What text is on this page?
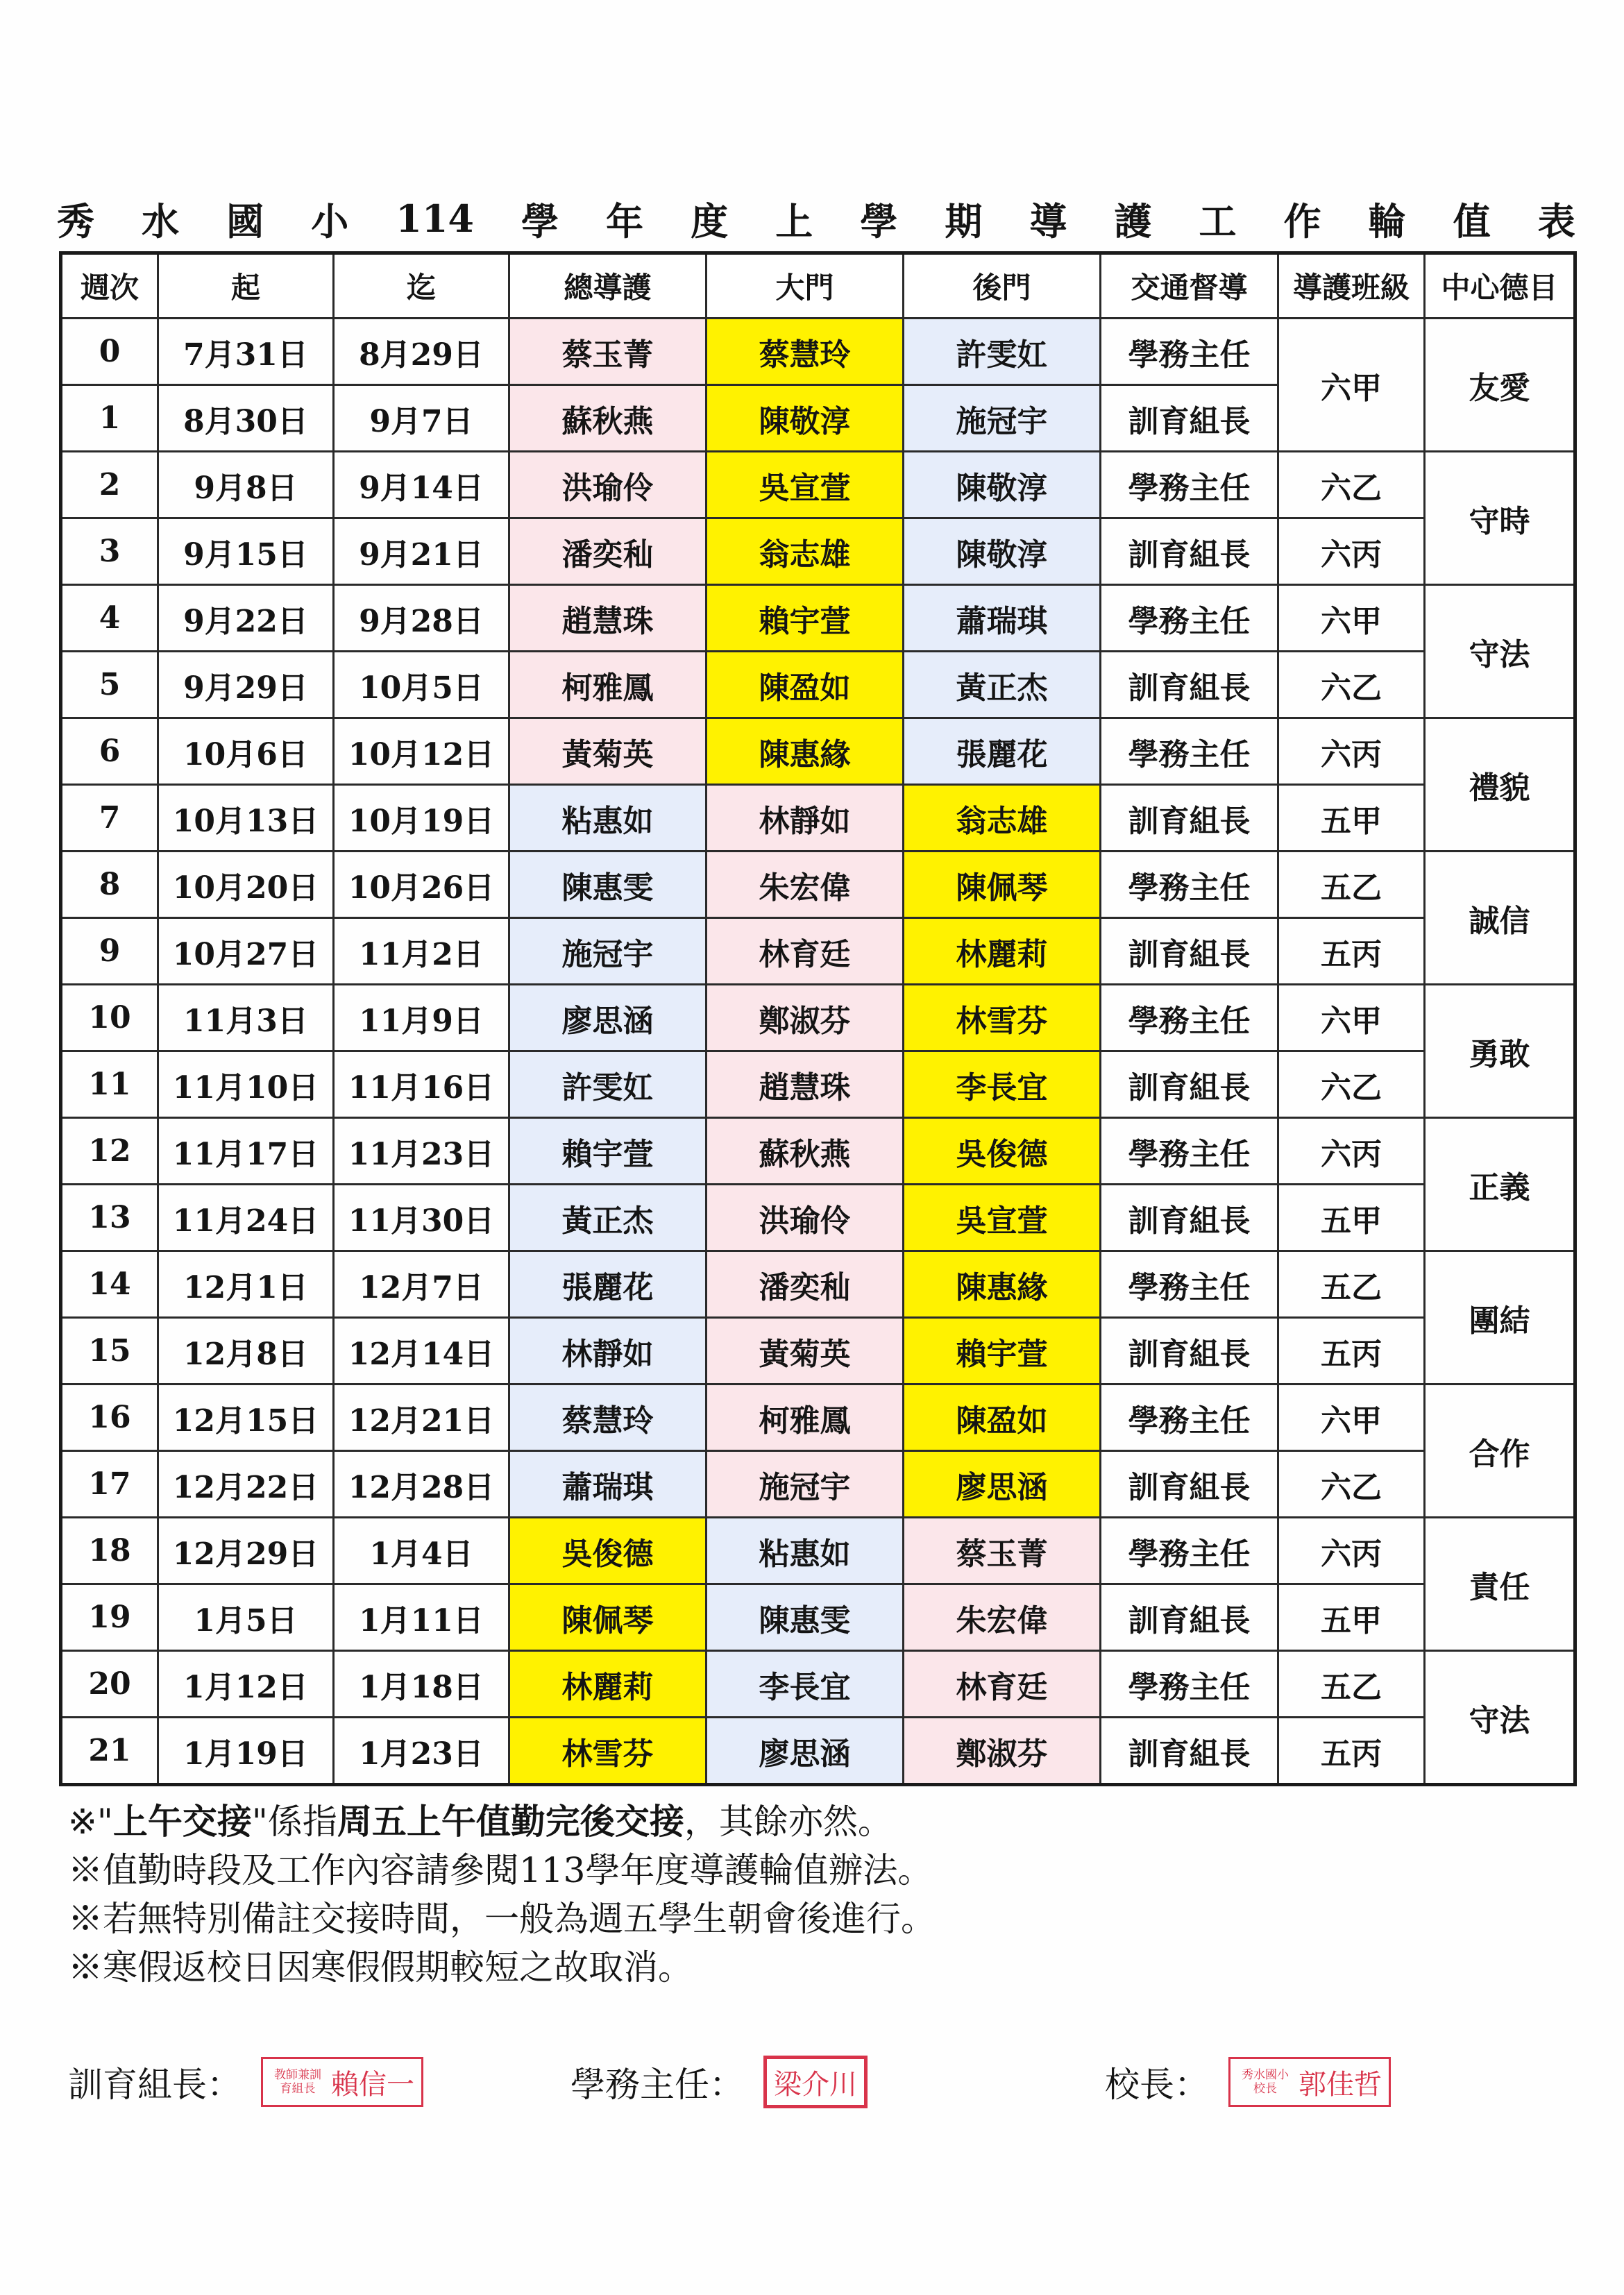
秀 水 國 小 114 學 年 度 上 學 期 導 護 工 作 輪 值 表
週次	起	迄	總導護	大門	後門	交通督導	導護班級	中心德目
0	7月31日	8月29日	蔡玉菁	蔡慧玲	許雯妅	學務主任	六甲	友愛
1	8月30日	9月7日	蘇秋燕	陳敬淳	施冠宇	訓育組長		
2	9月8日	9月14日	洪瑜伶	吳宣萱	陳敬淳	學務主任	六乙	守時
3	9月15日	9月21日	潘奕秈	翁志雄	陳敬淳	訓育組長	六丙	
4	9月22日	9月28日	趙慧珠	賴宇萱	蕭瑞琪	學務主任	六甲	守法
5	9月29日	10月5日	柯雅鳳	陳盈如	黃正杰	訓育組長	六乙	
6	10月6日	10月12日	黃菊英	陳惠緣	張麗花	學務主任	六丙	禮貌
7	10月13日	10月19日	粘惠如	林靜如	翁志雄	訓育組長	五甲	
8	10月20日	10月26日	陳惠雯	朱宏偉	陳佩琴	學務主任	五乙	誠信
9	10月27日	11月2日	施冠宇	林育廷	林麗莉	訓育組長	五丙	
10	11月3日	11月9日	廖思涵	鄭淑芬	林雪芬	學務主任	六甲	勇敢
11	11月10日	11月16日	許雯妅	趙慧珠	李長宜	訓育組長	六乙	
12	11月17日	11月23日	賴宇萱	蘇秋燕	吳俊德	學務主任	六丙	正義
13	11月24日	11月30日	黃正杰	洪瑜伶	吳宣萱	訓育組長	五甲	
14	12月1日	12月7日	張麗花	潘奕秈	陳惠緣	學務主任	五乙	團結
15	12月8日	12月14日	林靜如	黃菊英	賴宇萱	訓育組長	五丙	
16	12月15日	12月21日	蔡慧玲	柯雅鳳	陳盈如	學務主任	六甲	合作
17	12月22日	12月28日	蕭瑞琪	施冠宇	廖思涵	訓育組長	六乙	
18	12月29日	1月4日	吳俊德	粘惠如	蔡玉菁	學務主任	六丙	責任
19	1月5日	1月11日	陳佩琴	陳惠雯	朱宏偉	訓育組長	五甲	
20	1月12日	1月18日	林麗莉	李長宜	林育廷	學務主任	五乙	守法
21	1月19日	1月23日	林雪芬	廖思涵	鄭淑芬	訓育組長	五丙	
※"上午交接"係指周五上午值勤完後交接，其餘亦然。
※值勤時段及工作內容請參閱113學年度導護輪值辦法。
※若無特別備註交接時間，一般為週五學生朝會後進行。
※寒假返校日因寒假假期較短之故取消。
訓育組長：	教師兼訓育組長 賴信一	學務主任： 梁介川	校長：	秀水國小校長 郭佳哲
